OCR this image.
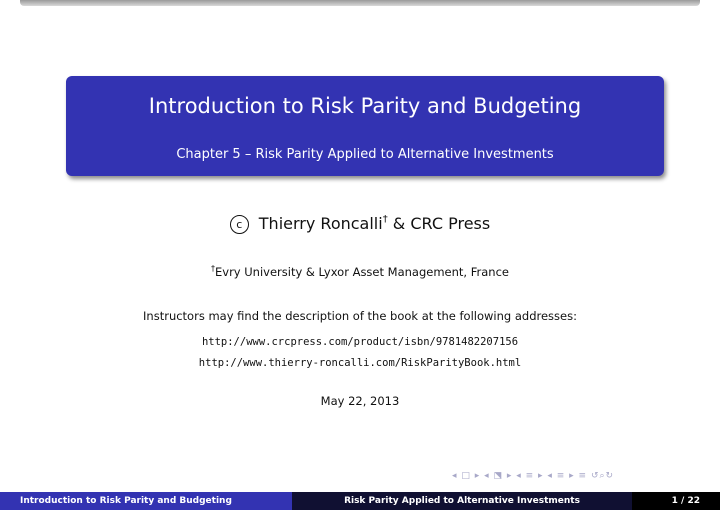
Introduction to Risk Parity and Budgeting
Chapter 5 – Risk Parity Applied to Alternative Investments
c Thierry Roncalli† & CRC Press
†Evry University & Lyxor Asset Management, France
Instructors may find the description of the book at the following addresses:
http://www.crcpress.com/product/isbn/9781482207156
http://www.thierry-roncalli.com/RiskParityBook.html
May 22, 2013
◂ □ ▸ ◂ ⬔ ▸ ◂ ≡ ▸ ◂ ≡ ▸ ≡ ↺⌕↻
Introduction to Risk Parity and Budgeting	Risk Parity Applied to Alternative Investments	1 / 22
